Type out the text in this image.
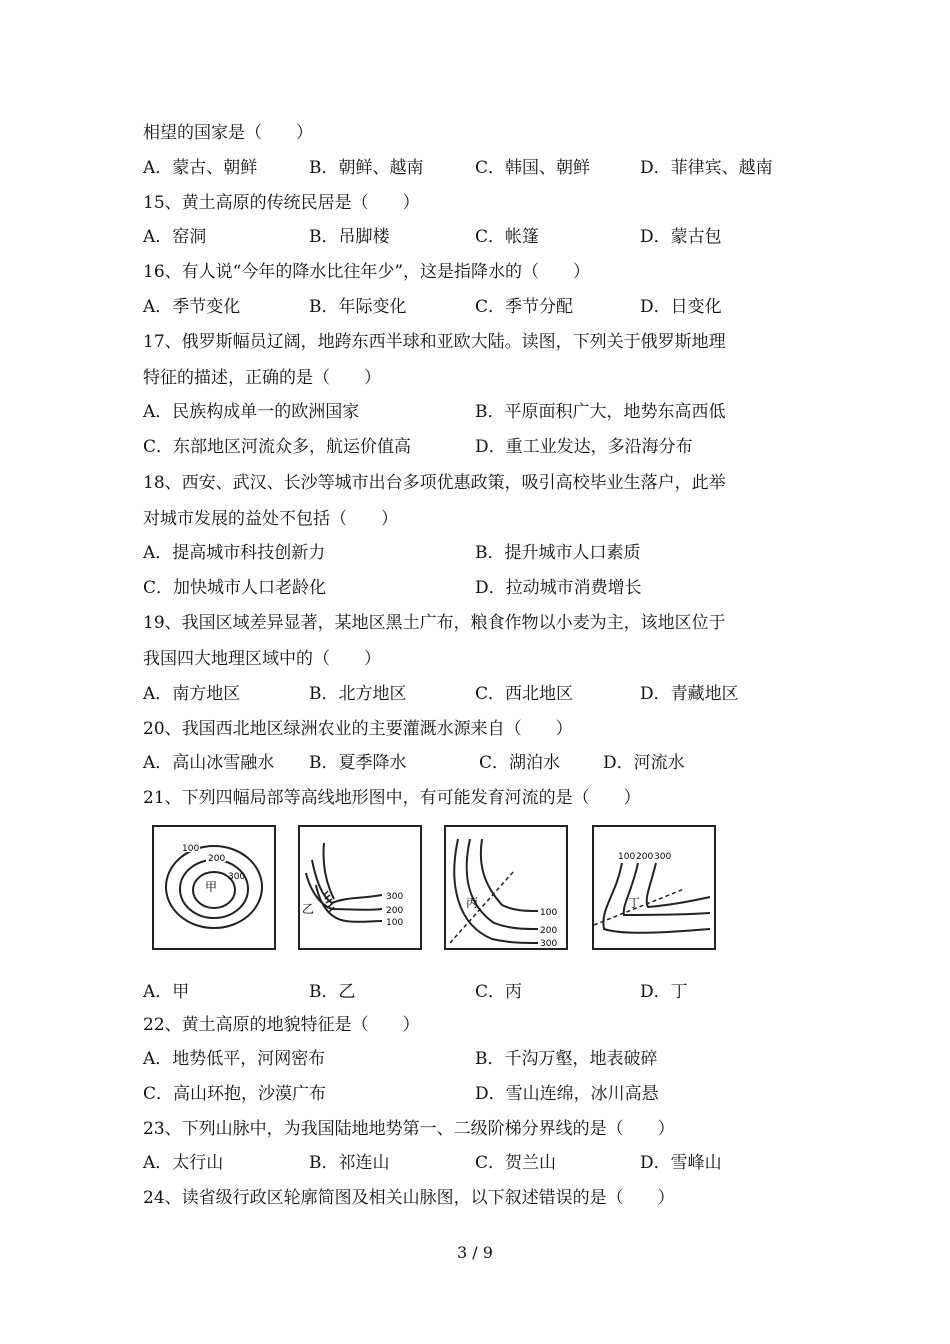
相望的国家是（　　）
A．蒙古、朝鲜	B．朝鲜、越南	C．韩国、朝鲜	D．菲律宾、越南
15、黄土高原的传统民居是（　　）
A．窑洞	B．吊脚楼	C．帐篷	D．蒙古包
16、有人说“今年的降水比往年少”，这是指降水的（　　）
A．季节变化	B．年际变化	C．季节分配	D．日变化
17、俄罗斯幅员辽阔，地跨东西半球和亚欧大陆。读图，下列关于俄罗斯地理
特征的描述，正确的是（　　）
A．民族构成单一的欧洲国家	B．平原面积广大，地势东高西低
C．东部地区河流众多，航运价值高	D．重工业发达，多沿海分布
18、西安、武汉、长沙等城市出台多项优惠政策，吸引高校毕业生落户，此举
对城市发展的益处不包括（　　）
A．提高城市科技创新力	B．提升城市人口素质
C．加快城市人口老龄化	D．拉动城市消费增长
19、我国区域差异显著，某地区黑土广布，粮食作物以小麦为主，该地区位于
我国四大地理区域中的（　　）
A．南方地区	B．北方地区	C．西北地区	D．青藏地区
20、我国西北地区绿洲农业的主要灌溉水源来自（　　）
A．高山冰雪融水 B．夏季降水	C．湖泊水	D．河流水
21、下列四幅局部等高线地形图中，有可能发育河流的是（　　）
100
200
300
甲
乙
300
200
100
丙
100
200
300
100 200 300
丁
A．甲	B．乙	C．丙	D．丁
22、黄土高原的地貌特征是（　　）
A．地势低平，河网密布	B．千沟万壑，地表破碎
C．高山环抱，沙漠广布	D．雪山连绵，冰川高悬
23、下列山脉中，为我国陆地地势第一、二级阶梯分界线的是（　　）
A．太行山	B．祁连山	C．贺兰山	D．雪峰山
24、读省级行政区轮廓简图及相关山脉图，以下叙述错误的是（　　）
3 / 9
